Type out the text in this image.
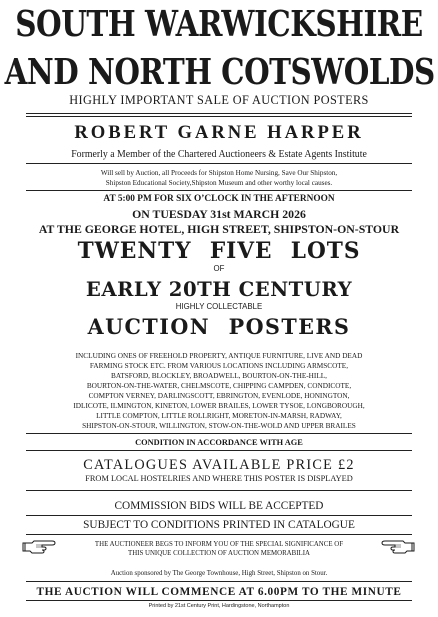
SOUTH WARWICKSHIRE
AND NORTH COTSWOLDS
HIGHLY IMPORTANT SALE OF AUCTION POSTERS
ROBERT GARNE HARPER
Formerly a Member of the Chartered Auctioneers & Estate Agents Institute
Will sell by Auction, all Proceeds for Shipston Home Nursing, Save Our Shipston,
Shipston Educational Society,Shipston Museum and other worthy local causes.
AT 5:00 PM FOR SIX O’CLOCK IN THE AFTERNOON
ON TUESDAY 31st MARCH 2026
AT THE GEORGE HOTEL, HIGH STREET, SHIPSTON-ON-STOUR
TWENTY FIVE LOTS
OF
EARLY 20TH CENTURY
HIGHLY COLLECTABLE
AUCTION POSTERS
INCLUDING ONES OF FREEHOLD PROPERTY, ANTIQUE FURNITURE, LIVE AND DEAD
FARMING STOCK ETC. FROM VARIOUS LOCATIONS INCLUDING ARMSCOTE,
BATSFORD, BLOCKLEY, BROADWELL, BOURTON-ON-THE-HILL,
BOURTON-ON-THE-WATER, CHELMSCOTE, CHIPPING CAMPDEN, CONDICOTE,
COMPTON VERNEY, DARLINGSCOTT, EBRINGTON, EVENLODE, HONINGTON,
IDLICOTE, ILMINGTON, KINETON, LOWER BRAILES, LOWER TYSOE, LONGBOROUGH,
LITTLE COMPTON, LITTLE ROLLRIGHT, MORETON-IN-MARSH, RADWAY,
SHIPSTON-ON-STOUR, WILLINGTON, STOW-ON-THE-WOLD AND UPPER BRAILES
CONDITION IN ACCORDANCE WITH AGE
CATALOGUES AVAILABLE PRICE £2
FROM LOCAL HOSTELRIES AND WHERE THIS POSTER IS DISPLAYED
COMMISSION BIDS WILL BE ACCEPTED
SUBJECT TO CONDITIONS PRINTED IN CATALOGUE
THE AUCTIONEER BEGS TO INFORM YOU OF THE SPECIAL SIGNIFICANCE OF
THIS UNIQUE COLLECTION OF AUCTION MEMORABILIA
Auction sponsored by The George Townhouse, High Street, Shipston on Stour.
THE AUCTION WILL COMMENCE AT 6.00PM TO THE MINUTE
Printed by 21st Century Print, Hardingstone, Northampton
